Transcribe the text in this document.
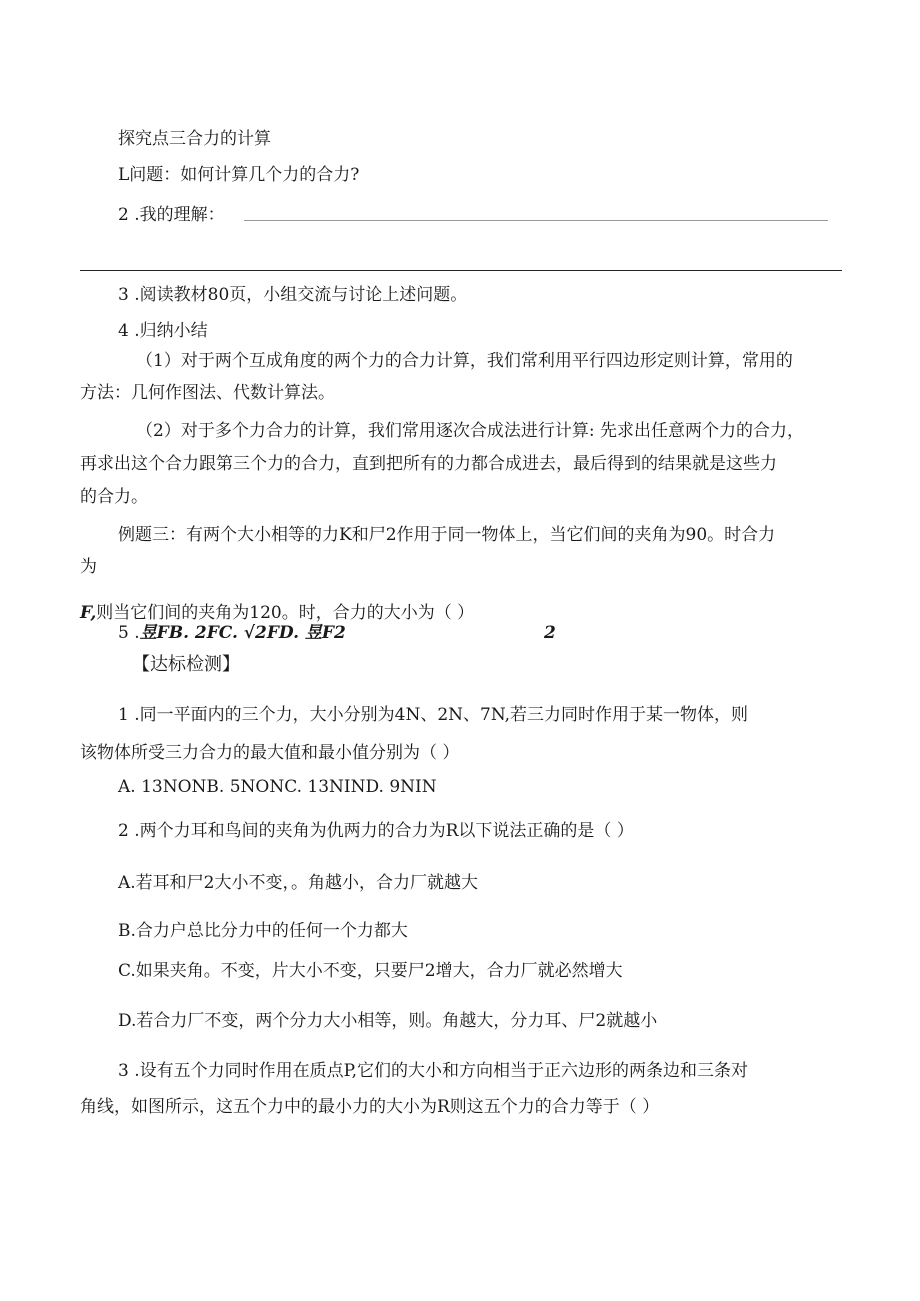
探究点三合力的计算
L问题：如何计算几个力的合力?
2 .我的理解：
3 .阅读教材80页，小组交流与讨论上述问题。
4 .归纳小结
（1）对于两个互成角度的两个力的合力计算，我们常利用平行四边形定则计算，常用的
方法：几何作图法、代数计算法。
（2）对于多个力合力的计算，我们常用逐次合成法进行计算: 先求出任意两个力的合力，
再求出这个合力跟第三个力的合力，直到把所有的力都合成进去，最后得到的结果就是这些力
的合力。
例题三：有两个大小相等的力K和尸2作用于同一物体上，当它们间的夹角为90。时合力
为
F,则当它们间的夹角为120。时，合力的大小为（ ）
5 .昱FB. 2FC. √2FD. 昱F2	2
【达标检测】
1 .同一平面内的三个力，大小分别为4N、2N、7N,若三力同时作用于某一物体，则
该物体所受三力合力的最大值和最小值分别为（ ）
A. 13NONB. 5NONC. 13NIND. 9NIN
2 .两个力耳和鸟间的夹角为仇两力的合力为R以下说法正确的是（ ）
A.若耳和尸2大小不变，。角越小，合力厂就越大
B.合力户总比分力中的任何一个力都大
C.如果夹角。不变，片大小不变，只要尸2增大，合力厂就必然增大
D.若合力厂不变，两个分力大小相等，则。角越大，分力耳、尸2就越小
3 .设有五个力同时作用在质点P,它们的大小和方向相当于正六边形的两条边和三条对
角线，如图所示，这五个力中的最小力的大小为R则这五个力的合力等于（ ）
